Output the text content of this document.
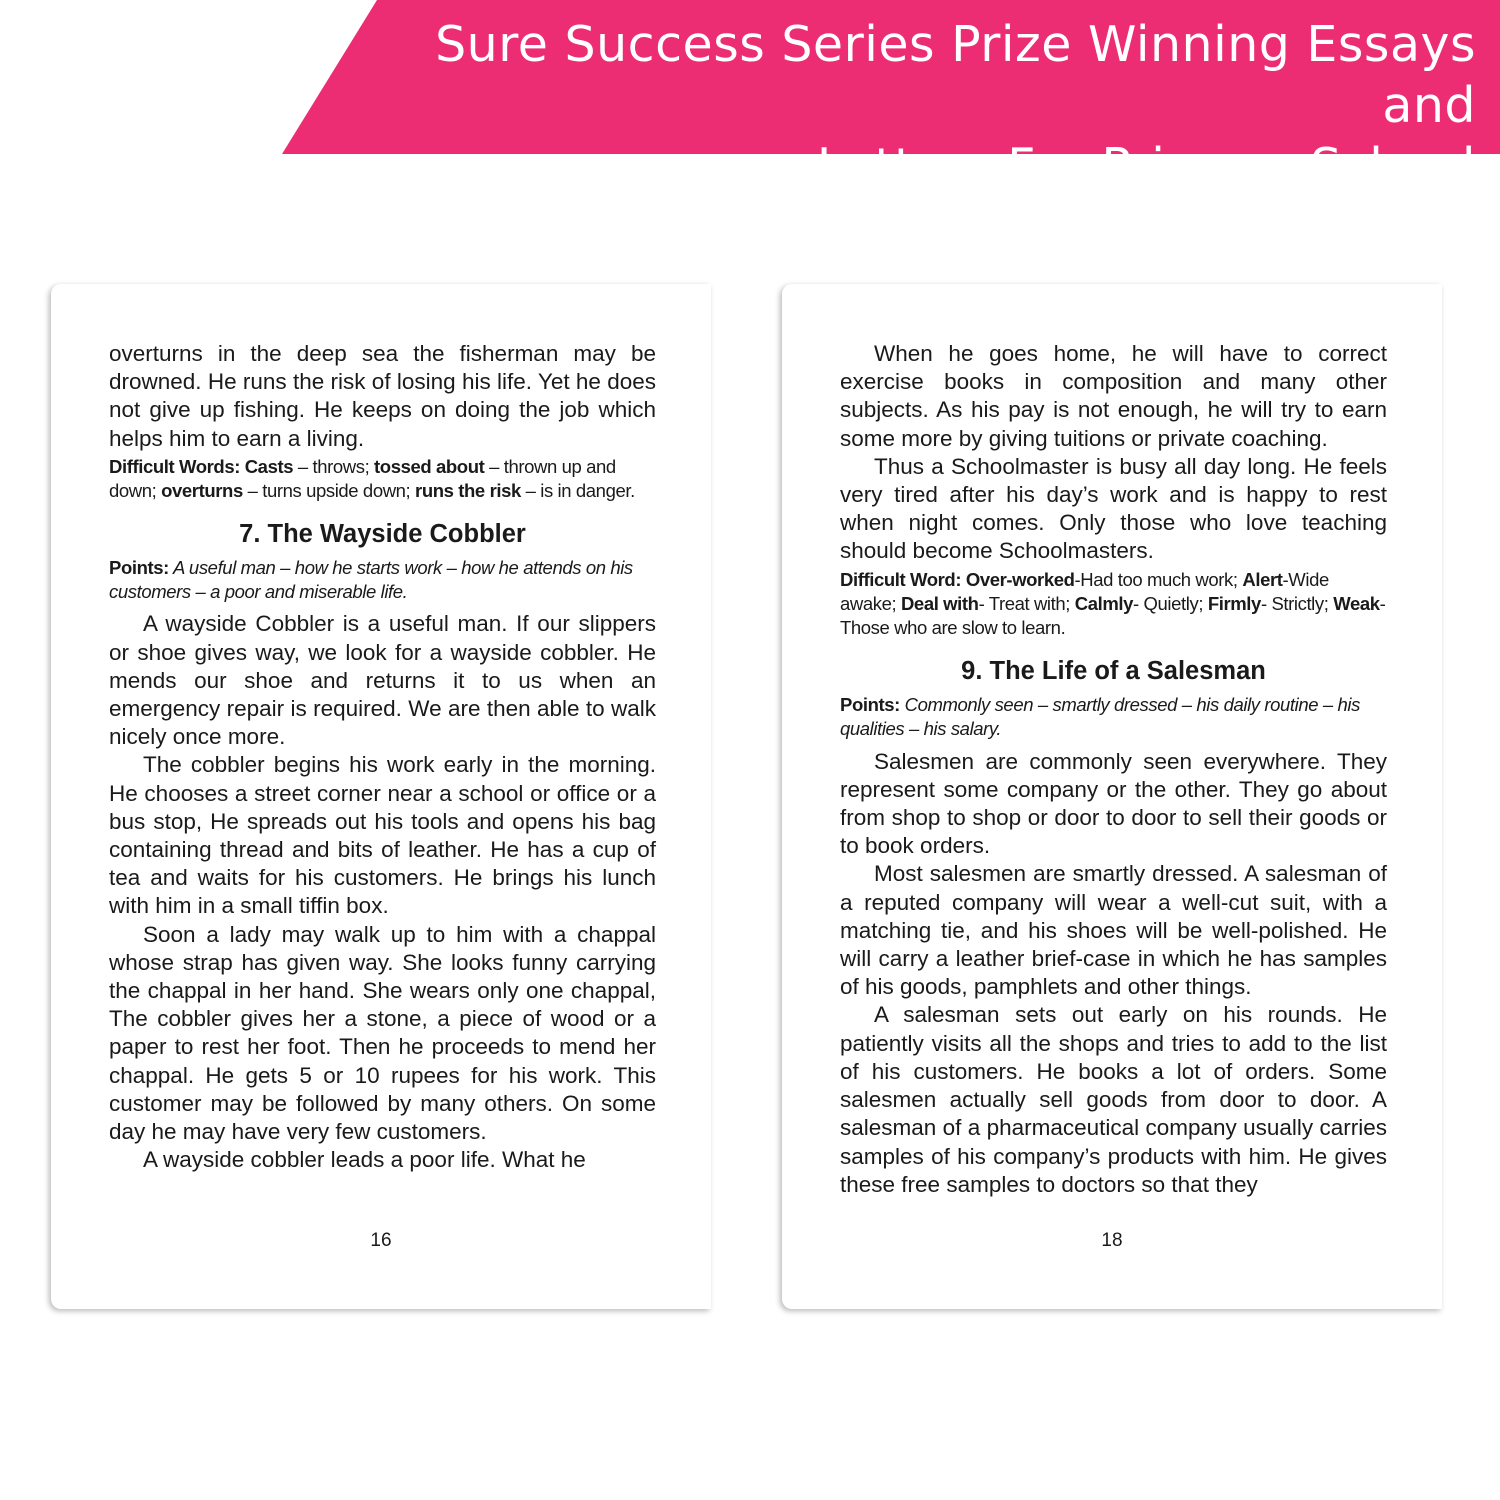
Sure Success Series Prize Winning Essays and
Letters For Primary School

overturns in the deep sea the fisherman may be drowned. He runs the risk of losing his life. Yet he does not give up fishing. He keeps on doing the job which helps him to earn a living.

Difficult Words: Casts – throws; tossed about – thrown up and down; overturns – turns upside down; runs the risk – is in danger.

7. The Wayside Cobbler

Points: A useful man – how he starts work – how he attends on his customers – a poor and miserable life.

A wayside Cobbler is a useful man. If our slippers or shoe gives way, we look for a wayside cobbler. He mends our shoe and returns it to us when an emergency repair is required. We are then able to walk nicely once more.

The cobbler begins his work early in the morning. He chooses a street corner near a school or office or a bus stop, He spreads out his tools and opens his bag containing thread and bits of leather. He has a cup of tea and waits for his customers. He brings his lunch with him in a small tiffin box.

Soon a lady may walk up to him with a chappal whose strap has given way. She looks funny carrying the chappal in her hand. She wears only one chappal, The cobbler gives her a stone, a piece of wood or a paper to rest her foot. Then he proceeds to mend her chappal. He gets 5 or 10 rupees for his work. This customer may be followed by many others. On some day he may have very few customers.

A wayside cobbler leads a poor life. What he

16

When he goes home, he will have to correct exercise books in composition and many other subjects. As his pay is not enough, he will try to earn some more by giving tuitions or private coaching.

Thus a Schoolmaster is busy all day long. He feels very tired after his day’s work and is happy to rest when night comes. Only those who love teaching should become Schoolmasters.

Difficult Word: Over-worked-Had too much work; Alert-Wide awake; Deal with- Treat with; Calmly- Quietly; Firmly- Strictly; Weak-Those who are slow to learn.

9. The Life of a Salesman

Points: Commonly seen – smartly dressed – his daily routine – his qualities – his salary.

Salesmen are commonly seen everywhere. They represent some company or the other. They go about from shop to shop or door to door to sell their goods or to book orders.

Most salesmen are smartly dressed. A salesman of a reputed company will wear a well-cut suit, with a matching tie, and his shoes will be well-polished. He will carry a leather brief-case in which he has samples of his goods, pamphlets and other things.

A salesman sets out early on his rounds. He patiently visits all the shops and tries to add to the list of his customers. He books a lot of orders. Some salesmen actually sell goods from door to door. A salesman of a pharmaceutical company usually carries samples of his company’s products with him. He gives these free samples to doctors so that they

18
